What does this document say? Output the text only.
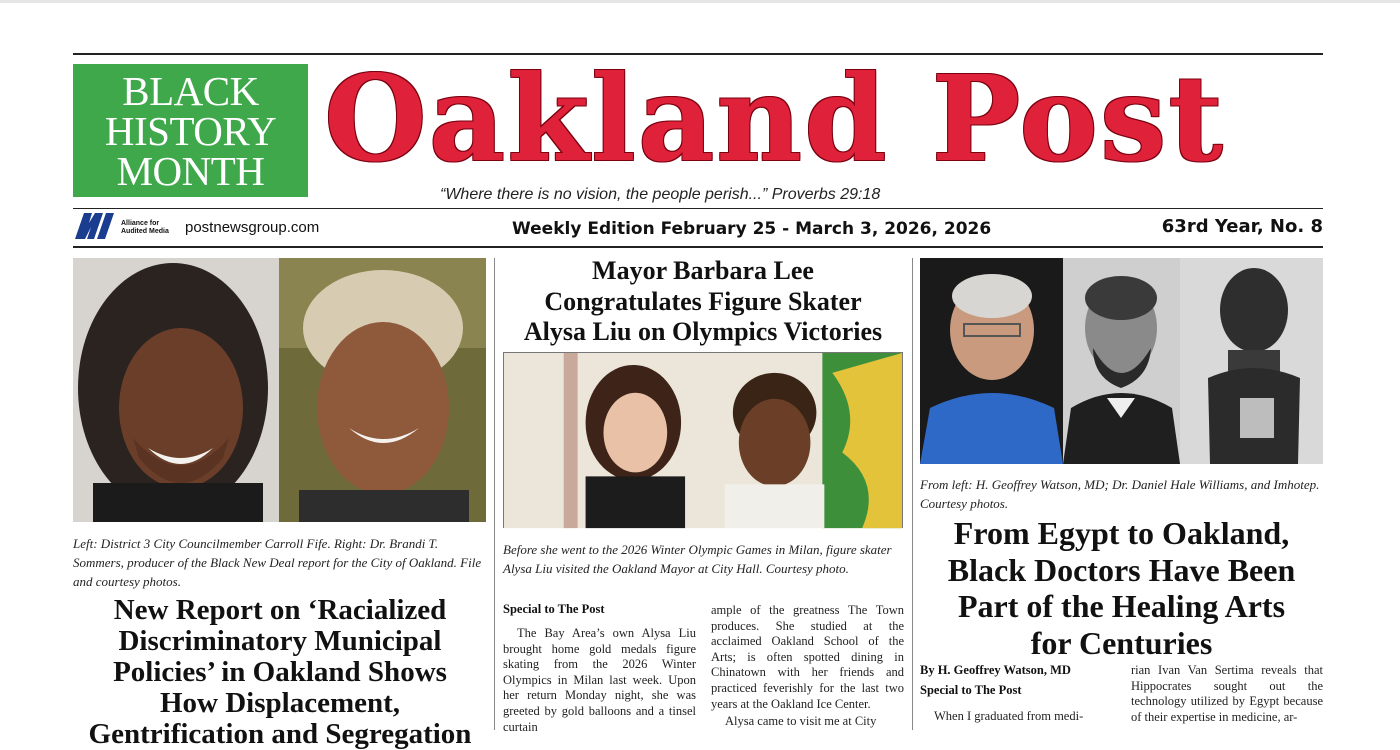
BLACK
HISTORY
MONTH Oakland Post
“Where there is no vision, the people perish...” Proverbs 29:18
Alliance for Audited Media	postnewsgroup.com	Weekly Edition February 25 - March 3, 2026, 2026	63rd Year, No. 8
Left: District 3 City Councilmember Carroll Fife. Right: Dr. Brandi T. Sommers, producer of the Black New Deal report for the City of Oakland. File and courtesy photos.
New Report on ‘Racialized
Discriminatory Municipal
Policies’ in Oakland Shows
How Displacement,
Gentrification and Segregation
Mayor Barbara Lee
Congratulates Figure Skater
Alysa Liu on Olympics Victories
Before she went to the 2026 Winter Olympic Games in Milan, figure skater Alysa Liu visited the Oakland Mayor at City Hall. Courtesy photo.
Special to The Post

The Bay Area’s own Alysa Liu brought home gold medals figure skating from the 2026 Winter Olympics in Milan last week. Upon her return Monday night, she was greeted by gold balloons and a tinsel curtain

ample of the greatness The Town produces. She studied at the acclaimed Oakland School of the Arts; is often spotted dining in Chinatown with her friends and practiced feverishly for the last two years at the Oakland Ice Center.

Alysa came to visit me at City

From left: H. Geoffrey Watson, MD; Dr. Daniel Hale Williams, and Imhotep. Courtesy photos.
From Egypt to Oakland,
Black Doctors Have Been
Part of the Healing Arts
for Centuries
By H. Geoffrey Watson, MD
Special to The Post

When I graduated from medi-

rian Ivan Van Sertima reveals that Hippocrates sought out the technology utilized by Egypt because of their expertise in medicine, ar-
